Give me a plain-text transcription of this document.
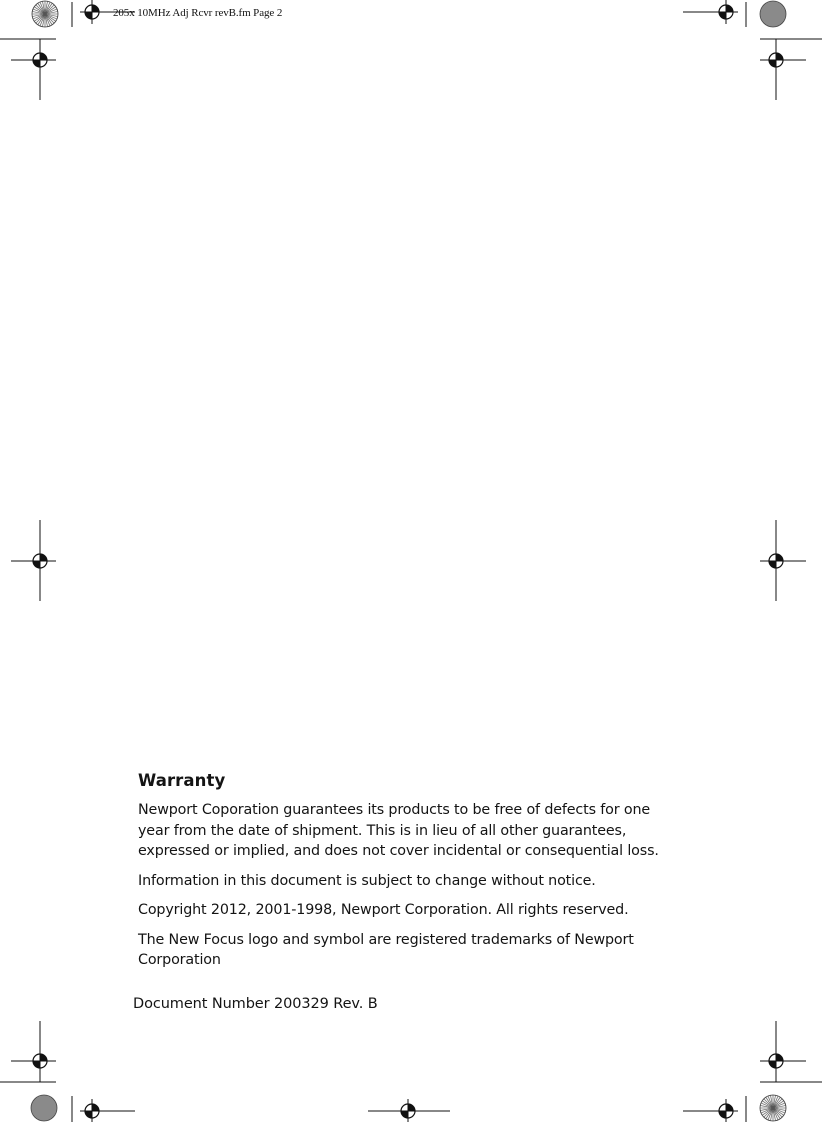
205x 10MHz Adj Rcvr revB.fm Page 2
Warranty

Newport Coporation guarantees its products to be free of defects for one
year from the date of shipment. This is in lieu of all other guarantees,
expressed or implied, and does not cover incidental or consequential loss.

Information in this document is subject to change without notice.

Copyright 2012, 2001-1998, Newport Corporation. All rights reserved.

The New Focus logo and symbol are registered trademarks of Newport
Corporation

Document Number 200329 Rev. B
